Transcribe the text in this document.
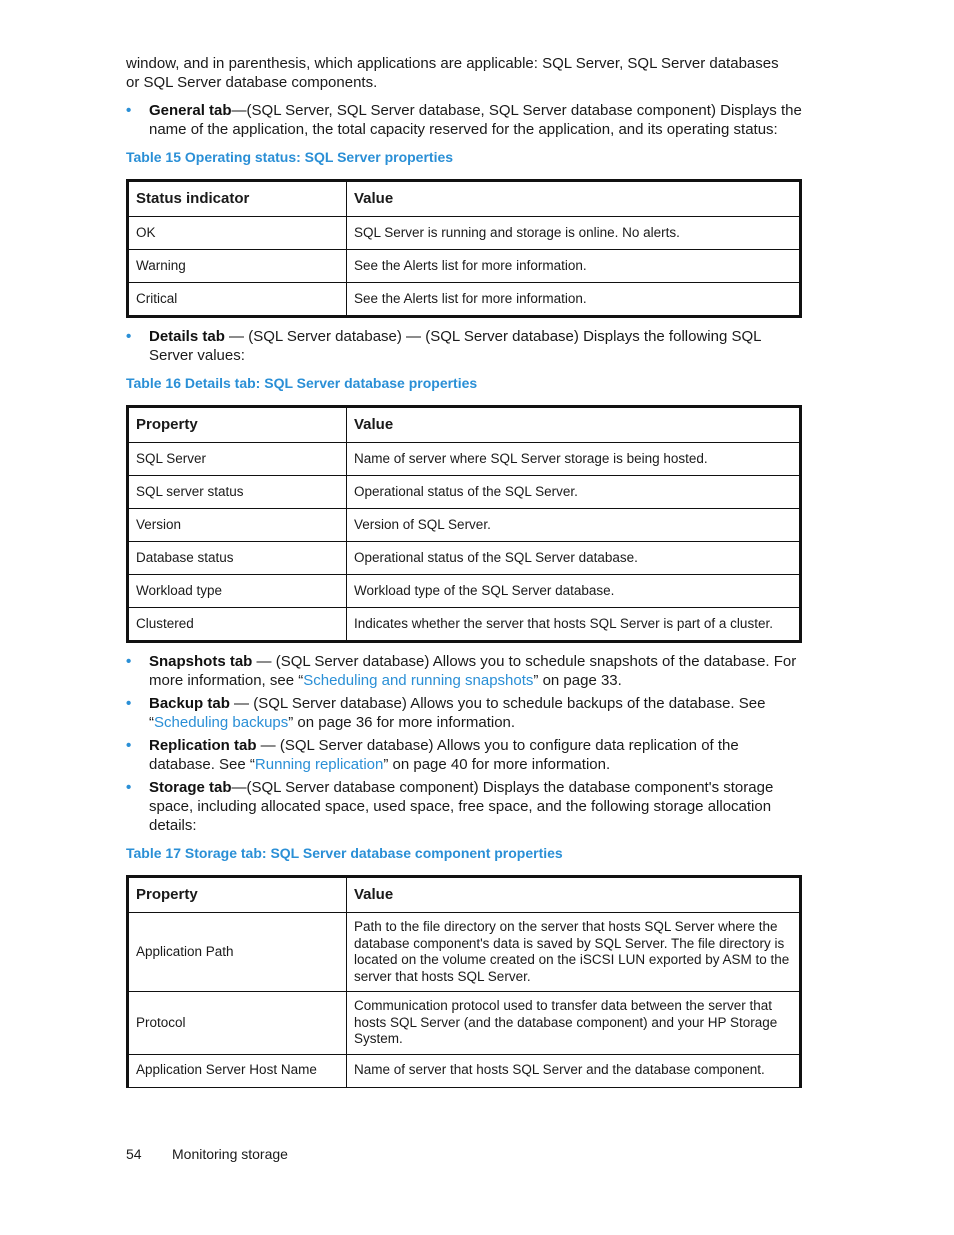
window, and in parenthesis, which applications are applicable: SQL Server, SQL Server databases
or SQL Server database components.

• General tab—(SQL Server, SQL Server database, SQL Server database component) Displays the name of the application, the total capacity reserved for the application, and its operating status:
Table 15 Operating status: SQL Server properties
Status indicator	Value
OK	SQL Server is running and storage is online. No alerts.
Warning	See the Alerts list for more information.
Critical	See the Alerts list for more information.
• Details tab — (SQL Server database) — (SQL Server database) Displays the following SQL Server values:
Table 16 Details tab: SQL Server database properties
Property	Value
SQL Server	Name of server where SQL Server storage is being hosted.
SQL server status	Operational status of the SQL Server.
Version	Version of SQL Server.
Database status	Operational status of the SQL Server database.
Workload type	Workload type of the SQL Server database.
Clustered	Indicates whether the server that hosts SQL Server is part of a cluster.
• Snapshots tab — (SQL Server database) Allows you to schedule snapshots of the database. For more information, see “Scheduling and running snapshots” on page 33.
• Backup tab — (SQL Server database) Allows you to schedule backups of the database. See “Scheduling backups” on page 36 for more information.
• Replication tab — (SQL Server database) Allows you to configure data replication of the database. See “Running replication” on page 40 for more information.
• Storage tab—(SQL Server database component) Displays the database component's storage space, including allocated space, used space, free space, and the following storage allocation details:
Table 17 Storage tab: SQL Server database component properties
Property	Value
Application Path	Path to the file directory on the server that hosts SQL Server where the database component's data is saved by SQL Server. The file directory is located on the volume created on the iSCSI LUN exported by ASM to the server that hosts SQL Server.
Protocol	Communication protocol used to transfer data between the server that hosts SQL Server (and the database component) and your HP Storage System.
Application Server Host Name	Name of server that hosts SQL Server and the database component.
54 Monitoring storage
